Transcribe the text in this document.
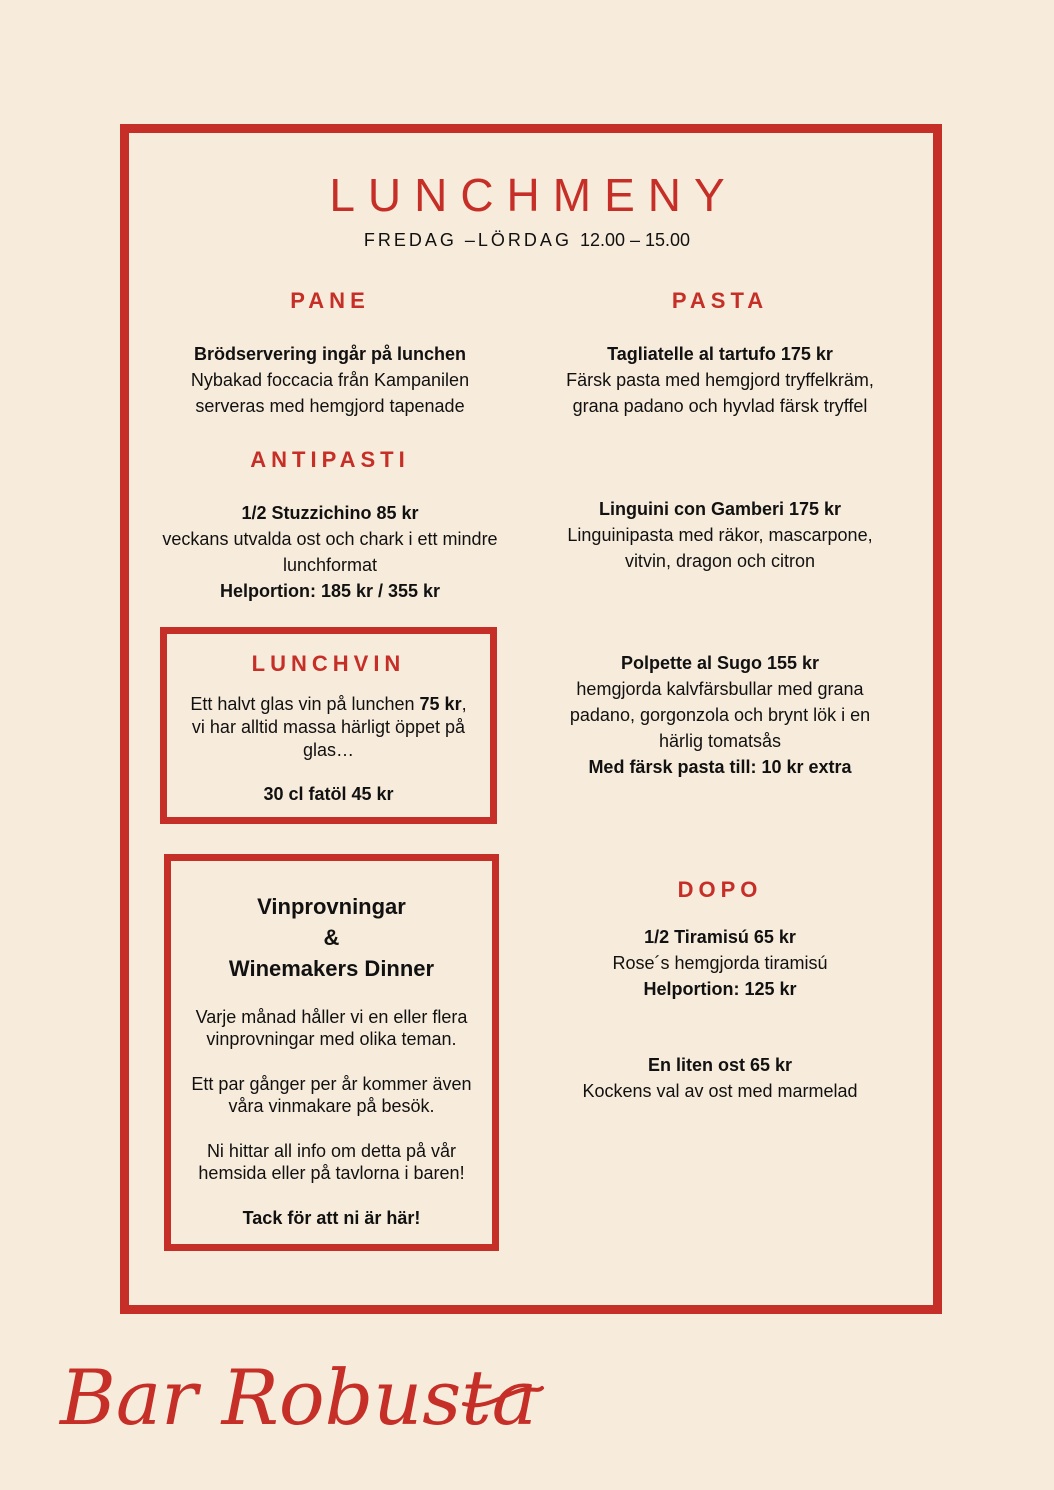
LUNCHMENY
FREDAG –LÖRDAG 12.00 – 15.00
PANE
Brödservering ingår på lunchen
Nybakad foccacia från Kampanilen
serveras med hemgjord tapenade
ANTIPASTI
1/2 Stuzzichino 85 kr
veckans utvalda ost och chark i ett mindre
lunchformat
Helportion: 185 kr / 355 kr
LUNCHVIN
Ett halvt glas vin på lunchen 75 kr,
vi har alltid massa härligt öppet på
glas…
30 cl fatöl 45 kr
Vinprovningar
&
Winemakers Dinner
Varje månad håller vi en eller flera
vinprovningar med olika teman.
Ett par gånger per år kommer även
våra vinmakare på besök.
Ni hittar all info om detta på vår
hemsida eller på tavlorna i baren!
Tack för att ni är här!
PASTA
Tagliatelle al tartufo 175 kr
Färsk pasta med hemgjord tryffelkräm,
grana padano och hyvlad färsk tryffel
Linguini con Gamberi 175 kr
Linguinipasta med räkor, mascarpone,
vitvin, dragon och citron
Polpette al Sugo 155 kr
hemgjorda kalvfärsbullar med grana
padano, gorgonzola och brynt lök i en
härlig tomatsås
Med färsk pasta till: 10 kr extra
DOPO
1/2 Tiramisú 65 kr
Rose´s hemgjorda tiramisú
Helportion: 125 kr
En liten ost 65 kr
Kockens val av ost med marmelad
Bar Robusta
